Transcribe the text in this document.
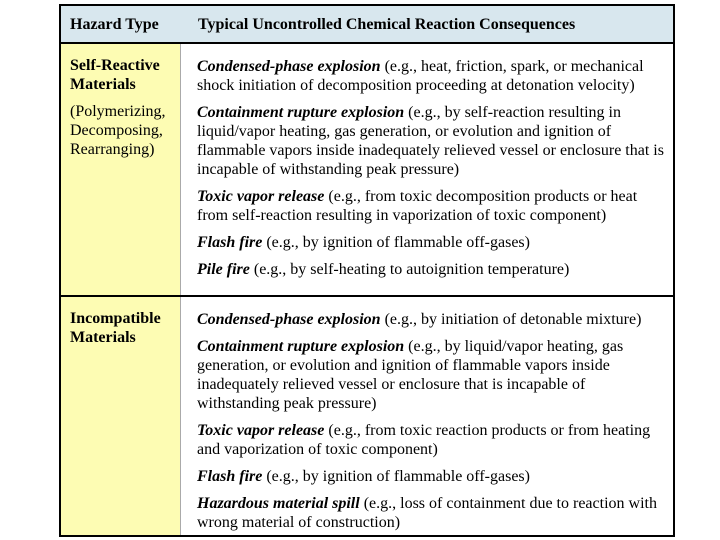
Hazard Type Typical Uncontrolled Chemical Reaction Consequences
Self-Reactive Materials
(Polymerizing, Decomposing, Rearranging)
Condensed-phase explosion (e.g., heat, friction, spark, or mechanical shock initiation of decomposition proceeding at detonation velocity)
Containment rupture explosion (e.g., by self-reaction resulting in liquid/vapor heating, gas generation, or evolution and ignition of flammable vapors inside inadequately relieved vessel or enclosure that is incapable of withstanding peak pressure)
Toxic vapor release (e.g., from toxic decomposition products or heat from self-reaction resulting in vaporization of toxic component)
Flash fire (e.g., by ignition of flammable off-gases)
Pile fire (e.g., by self-heating to autoignition temperature)
Incompatible Materials
Condensed-phase explosion (e.g., by initiation of detonable mixture)
Containment rupture explosion (e.g., by liquid/vapor heating, gas generation, or evolution and ignition of flammable vapors inside inadequately relieved vessel or enclosure that is incapable of withstanding peak pressure)
Toxic vapor release (e.g., from toxic reaction products or from heating and vaporization of toxic component)
Flash fire (e.g., by ignition of flammable off-gases)
Hazardous material spill (e.g., loss of containment due to reaction with wrong material of construction)
